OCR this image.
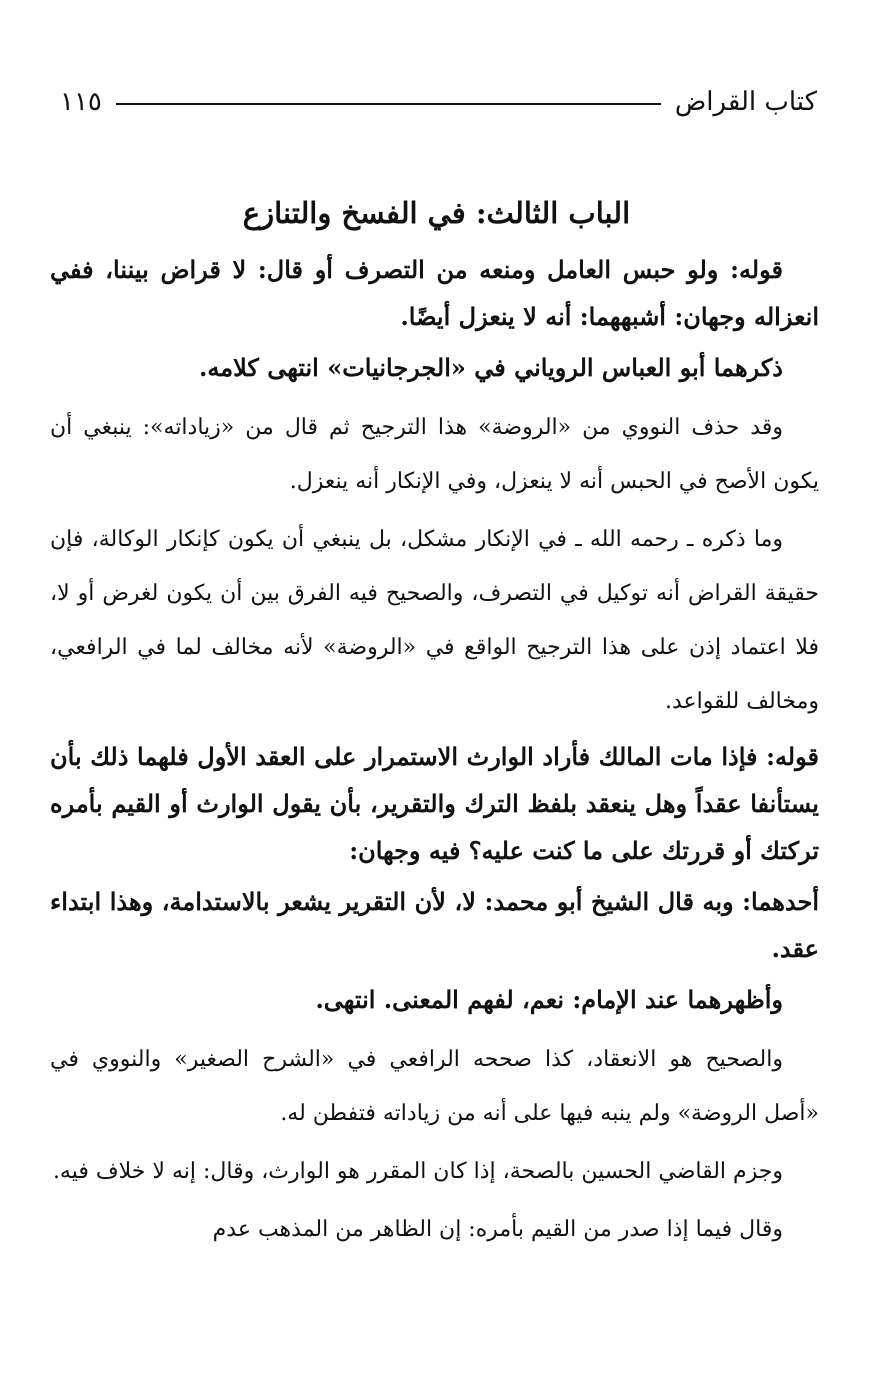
كتاب القراض
١١٥
الباب الثالث: في الفسخ والتنازع

قوله: ولو حبس العامل ومنعه من التصرف أو قال: لا قراض بيننا، ففي انعزاله وجهان: أشبههما: أنه لا ينعزل أيضًا.

ذكرهما أبو العباس الروياني في «الجرجانيات» انتهى كلامه.

وقد حذف النووي من «الروضة» هذا الترجيح ثم قال من «زياداته»: ينبغي أن يكون الأصح في الحبس أنه لا ينعزل، وفي الإنكار أنه ينعزل.

وما ذكره ـ رحمه الله ـ في الإنكار مشكل، بل ينبغي أن يكون كإنكار الوكالة، فإن حقيقة القراض أنه توكيل في التصرف، والصحيح فيه الفرق بين أن يكون لغرض أو لا، فلا اعتماد إذن على هذا الترجيح الواقع في «الروضة» لأنه مخالف لما في الرافعي، ومخالف للقواعد.

قوله: فإذا مات المالك فأراد الوارث الاستمرار على العقد الأول فلهما ذلك بأن يستأنفا عقداً وهل ينعقد بلفظ الترك والتقرير، بأن يقول الوارث أو القيم بأمره تركتك أو قررتك على ما كنت عليه؟ فيه وجهان:

أحدهما: وبه قال الشيخ أبو محمد: لا، لأن التقرير يشعر بالاستدامة، وهذا ابتداء عقد.

وأظهرهما عند الإمام: نعم، لفهم المعنى. انتهى.

والصحيح هو الانعقاد، كذا صححه الرافعي في «الشرح الصغير» والنووي في «أصل الروضة» ولم ينبه فيها على أنه من زياداته فتفطن له.

وجزم القاضي الحسين بالصحة، إذا كان المقرر هو الوارث، وقال: إنه لا خلاف فيه.

وقال فيما إذا صدر من القيم بأمره: إن الظاهر من المذهب عدم
